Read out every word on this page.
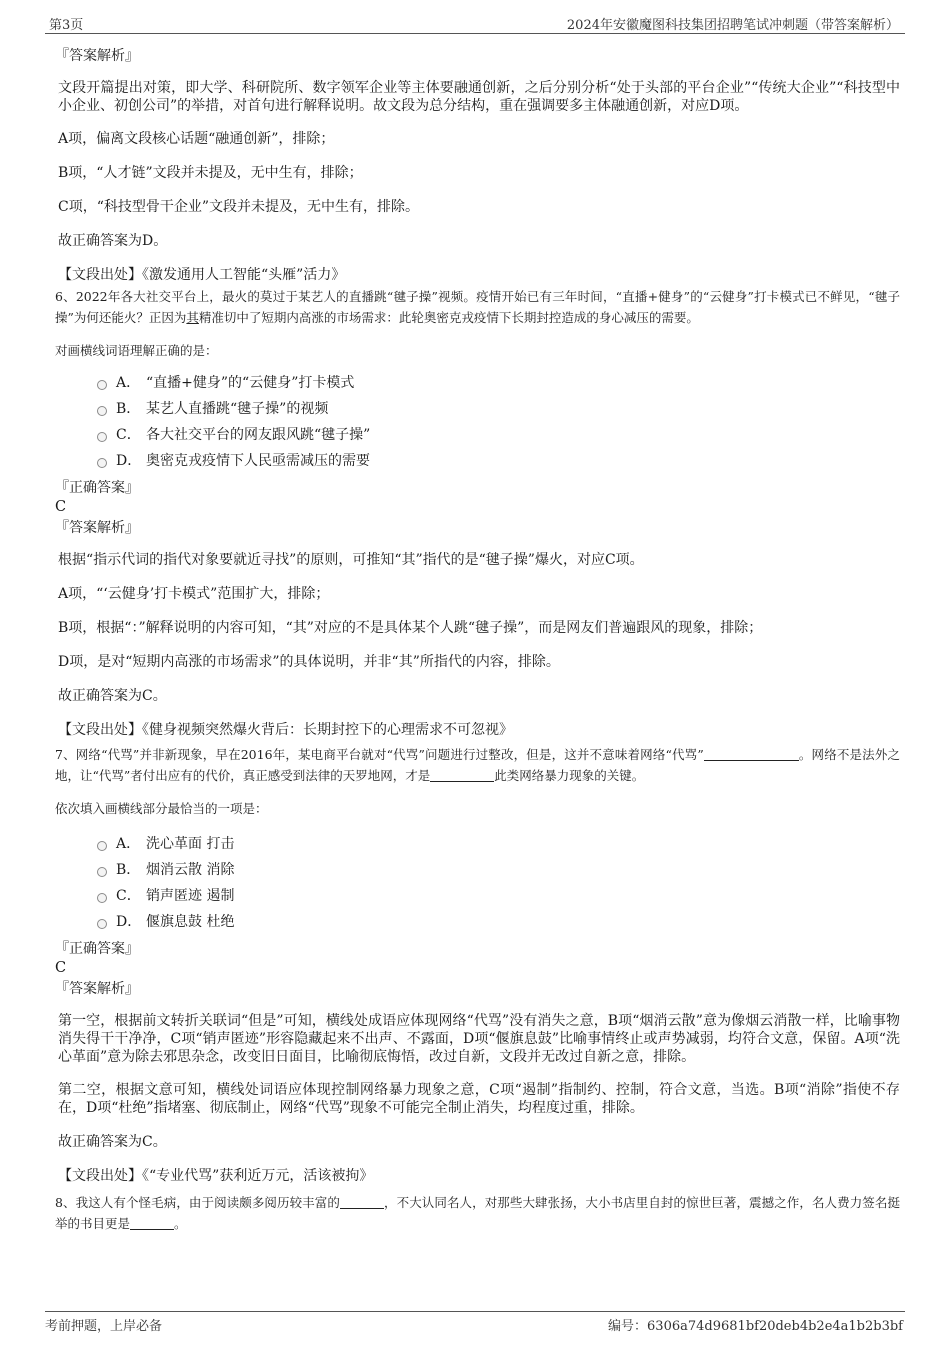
第3页	2024年安徽魔图科技集团招聘笔试冲刺题（带答案解析）
『答案解析』
文段开篇提出对策，即大学、科研院所、数字领军企业等主体要融通创新，之后分别分析“处于头部的平台企业”“传统大企业”“科技型中小企业、初创公司”的举措，对首句进行解释说明。故文段为总分结构，重在强调要多主体融通创新，对应D项。
A项，偏离文段核心话题“融通创新”，排除；
B项，“人才链”文段并未提及，无中生有，排除；
C项，“科技型骨干企业”文段并未提及，无中生有，排除。
故正确答案为D。
【文段出处】《激发通用人工智能“头雁”活力》
6、2022年各大社交平台上，最火的莫过于某艺人的直播跳“毽子操”视频。疫情开始已有三年时间，“直播+健身”的“云健身”打卡模式已不鲜见，“毽子操”为何还能火？正因为其精准切中了短期内高涨的市场需求：此轮奥密克戎疫情下长期封控造成的身心减压的需要。
对画横线词语理解正确的是：
A． “直播+健身”的“云健身”打卡模式
B． 某艺人直播跳“毽子操”的视频
C． 各大社交平台的网友跟风跳“毽子操”
D． 奥密克戎疫情下人民亟需减压的需要
『正确答案』
C
『答案解析』
根据“指示代词的指代对象要就近寻找”的原则，可推知“其”指代的是“毽子操”爆火，对应C项。
A项，“‘云健身’打卡模式”范围扩大，排除；
B项，根据“：”解释说明的内容可知，“其”对应的不是具体某个人跳“毽子操”，而是网友们普遍跟风的现象，排除；
D项，是对“短期内高涨的市场需求”的具体说明，并非“其”所指代的内容，排除。
故正确答案为C。
【文段出处】《健身视频突然爆火背后：长期封控下的心理需求不可忽视》
7、网络“代骂”并非新现象，早在2016年，某电商平台就对“代骂”问题进行过整改，但是，这并不意味着网络“代骂”	。网络不是法外之地，让“代骂”者付出应有的代价，真正感受到法律的天罗地网，才是	此类网络暴力现象的关键。
依次填入画横线部分最恰当的一项是：
A． 洗心革面 打击
B． 烟消云散 消除
C． 销声匿迹 遏制
D． 偃旗息鼓 杜绝
『正确答案』
C
『答案解析』
第一空，根据前文转折关联词“但是”可知，横线处成语应体现网络“代骂”没有消失之意，B项“烟消云散”意为像烟云消散一样，比喻事物消失得干干净净，C项“销声匿迹”形容隐藏起来不出声、不露面，D项“偃旗息鼓”比喻事情终止或声势减弱，均符合文意，保留。A项“洗心革面”意为除去邪思杂念，改变旧日面目，比喻彻底悔悟，改过自新，文段并无改过自新之意，排除。
第二空，根据文意可知，横线处词语应体现控制网络暴力现象之意，C项“遏制”指制约、控制，符合文意，当选。B项“消除”指使不存在，D项“杜绝”指堵塞、彻底制止，网络“代骂”现象不可能完全制止消失，均程度过重，排除。
故正确答案为C。
【文段出处】《“专业代骂”获利近万元，活该被拘》
8、我这人有个怪毛病，由于阅读颇多阅历较丰富的	，不大认同名人，对那些大肆张扬，大小书店里自封的惊世巨著，震撼之作，名人费力签名挺举的书目更是	。
考前押题，上岸必备	编号：6306a74d9681bf20deb4b2e4a1b2b3bf
